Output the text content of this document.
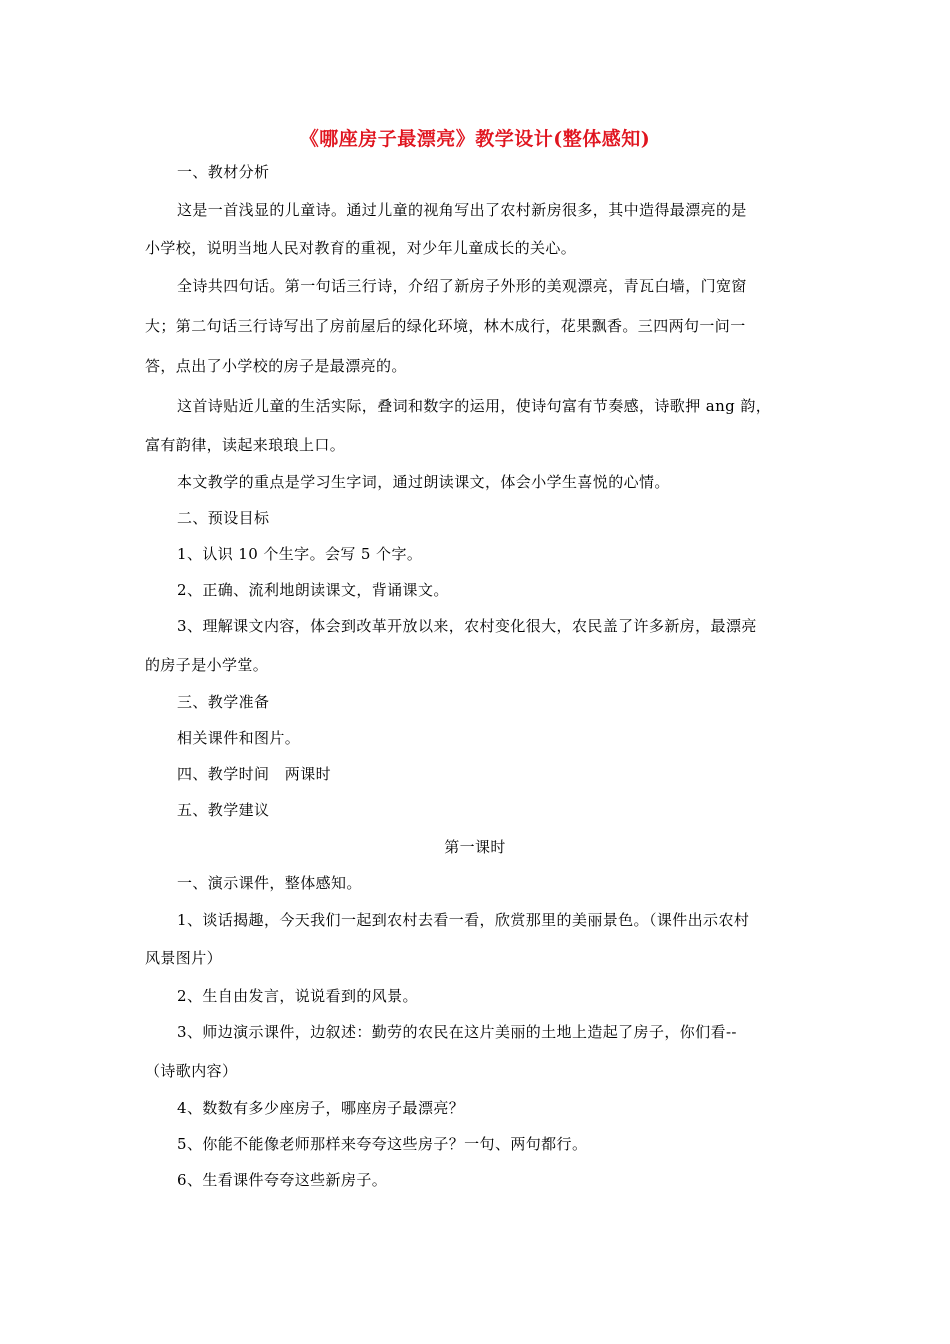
《哪座房子最漂亮》教学设计(整体感知)
一、教材分析
这是一首浅显的儿童诗。通过儿童的视角写出了农村新房很多，其中造得最漂亮的是
小学校，说明当地人民对教育的重视，对少年儿童成长的关心。
全诗共四句话。第一句话三行诗，介绍了新房子外形的美观漂亮，青瓦白墙，门宽窗
大；第二句话三行诗写出了房前屋后的绿化环境，林木成行，花果飘香。三四两句一问一
答，点出了小学校的房子是最漂亮的。
这首诗贴近儿童的生活实际，叠词和数字的运用，使诗句富有节奏感，诗歌押 ang 韵，
富有韵律，读起来琅琅上口。
本文教学的重点是学习生字词，通过朗读课文，体会小学生喜悦的心情。
二、预设目标
1、认识 10 个生字。会写 5 个字。
2、正确、流利地朗读课文，背诵课文。
3、理解课文内容，体会到改革开放以来，农村变化很大，农民盖了许多新房，最漂亮
的房子是小学堂。
三、教学准备
相关课件和图片。
四、教学时间　两课时
五、教学建议
第一课时
一、演示课件，整体感知。
1、谈话揭趣，今天我们一起到农村去看一看，欣赏那里的美丽景色。（课件出示农村
风景图片）
2、生自由发言，说说看到的风景。
3、师边演示课件，边叙述：勤劳的农民在这片美丽的土地上造起了房子，你们看--
（诗歌内容）
4、数数有多少座房子，哪座房子最漂亮？
5、你能不能像老师那样来夸夸这些房子？一句、两句都行。
6、生看课件夸夸这些新房子。
